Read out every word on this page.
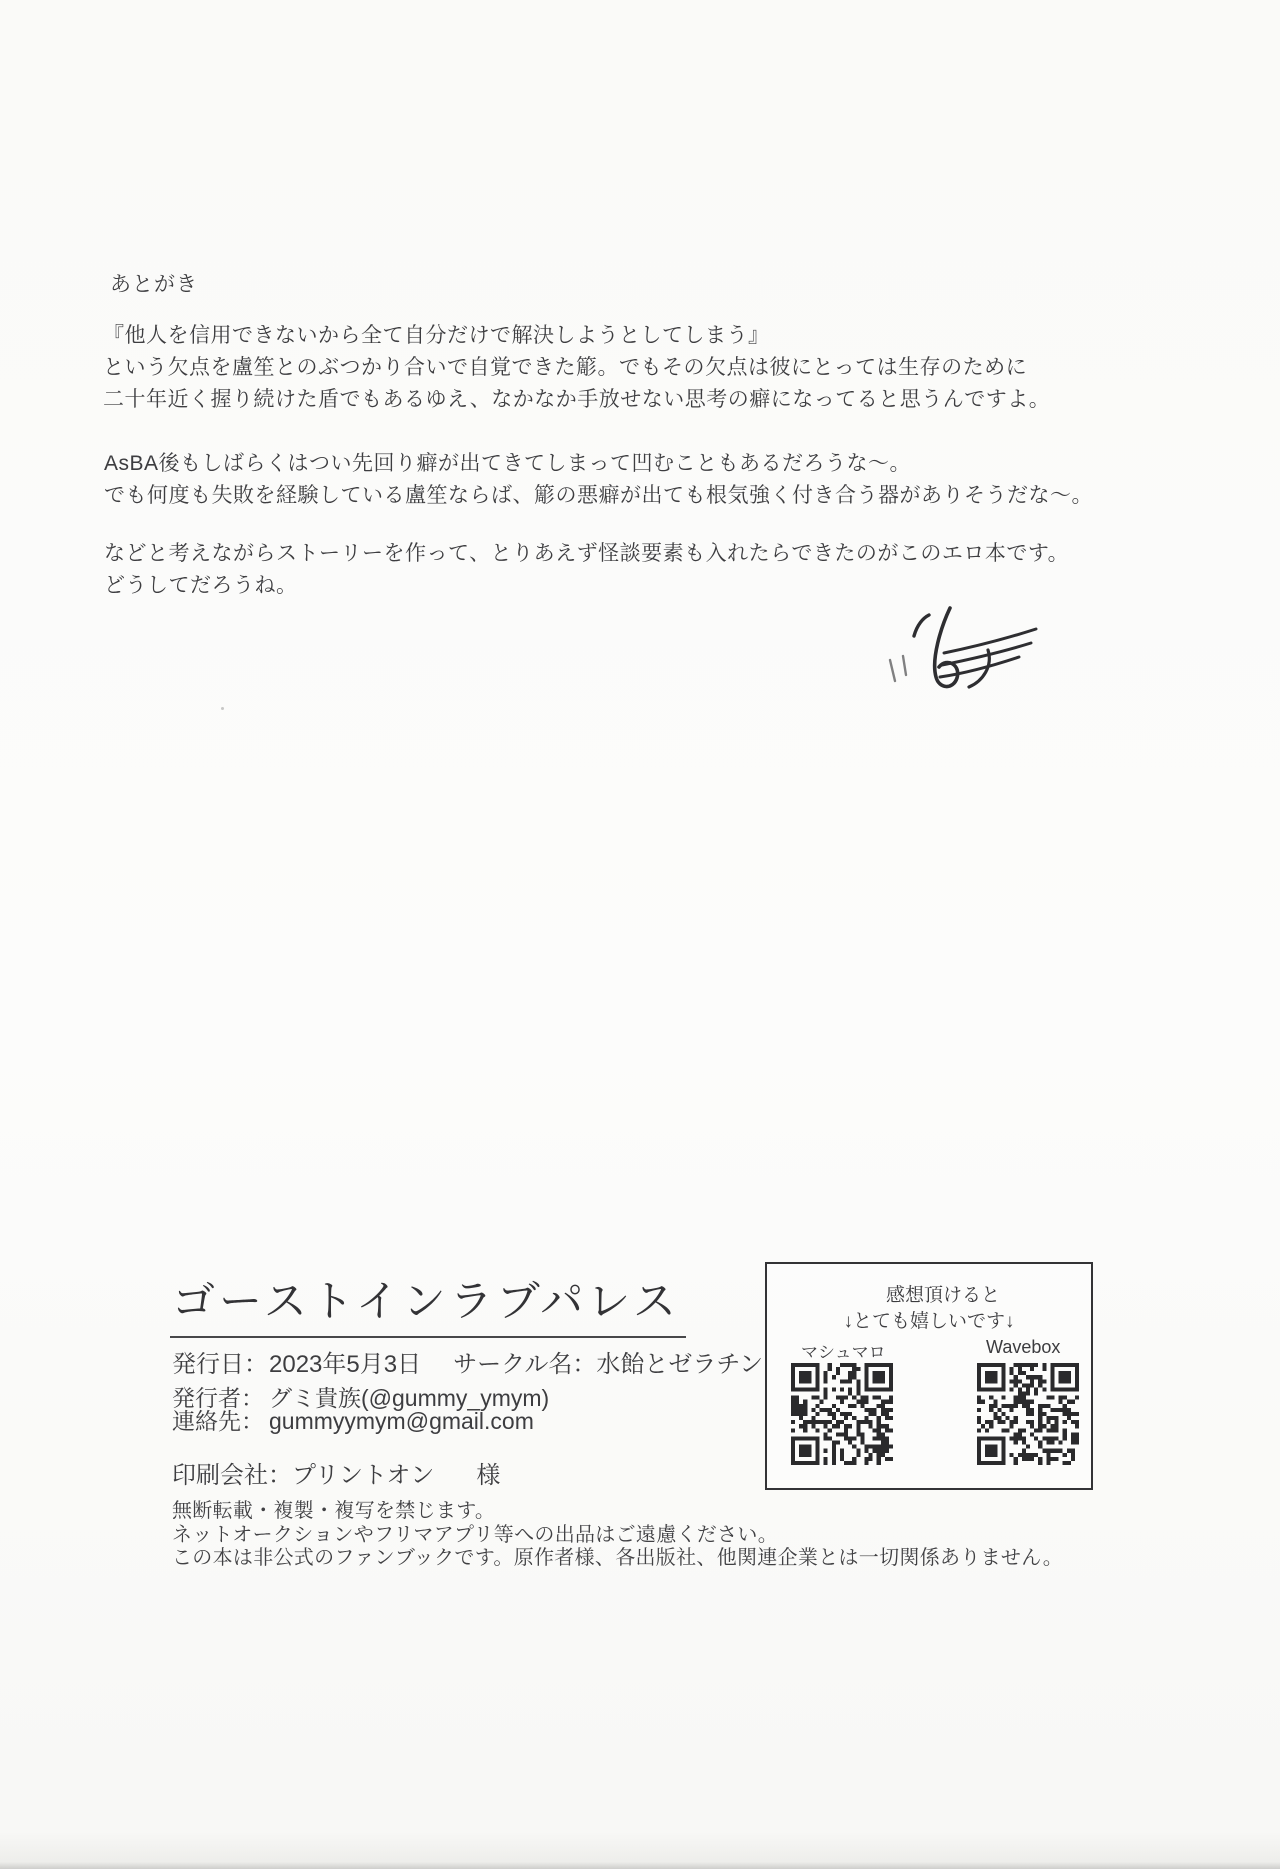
あとがき
『他人を信用できないから全て自分だけで解決しようとしてしまう』
という欠点を盧笙とのぶつかり合いで自覚できた簓。でもその欠点は彼にとっては生存のために
二十年近く握り続けた盾でもあるゆえ、なかなか手放せない思考の癖になってると思うんですよ。
AsBA後もしばらくはつい先回り癖が出てきてしまって凹むこともあるだろうな～。
でも何度も失敗を経験している盧笙ならば、簓の悪癖が出ても根気強く付き合う器がありそうだな～。
などと考えながらストーリーを作って、とりあえず怪談要素も入れたらできたのがこのエロ本です。
どうしてだろうね。
ゴーストインラブパレス
発行日：2023年5月3日 サークル名：水飴とゼラチン
発行者： グミ貴族(@gummy_ymym)
連絡先： gummyymym@gmail.com
印刷会社：プリントオン 様
無断転載・複製・複写を禁じます。
ネットオークションやフリマアプリ等への出品はご遠慮ください。
この本は非公式のファンブックです。原作者様、各出版社、他関連企業とは一切関係ありません。
感想頂けると
↓とても嬉しいです↓
マシュマロ	Wavebox
